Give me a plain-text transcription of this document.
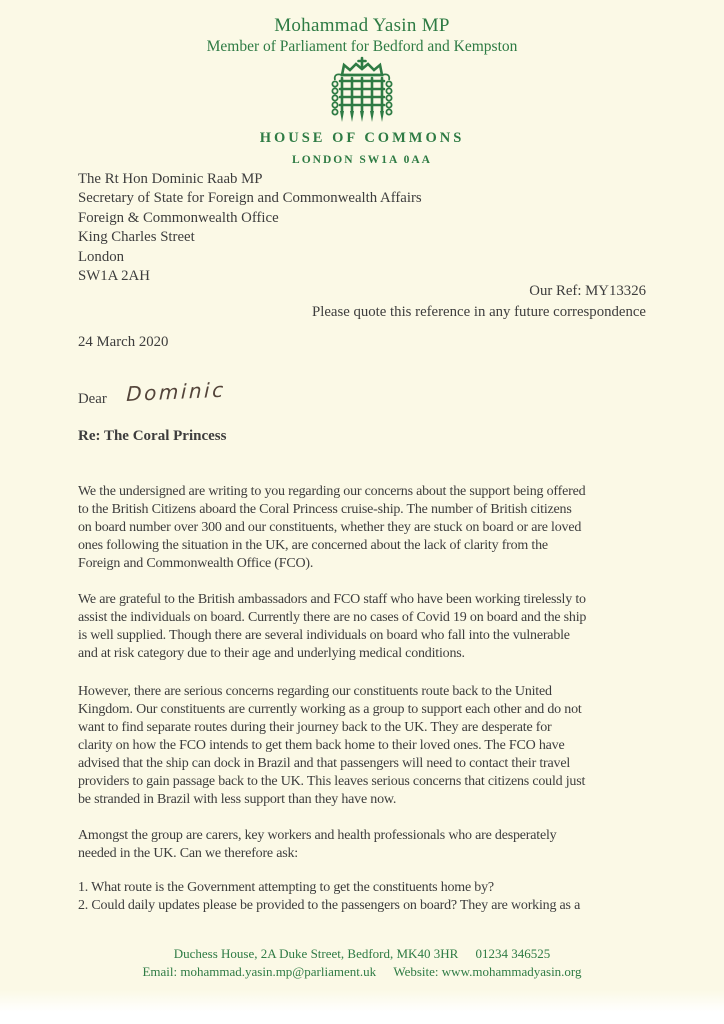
Mohammad Yasin MP
Member of Parliament for Bedford and Kempston
HOUSE OF COMMONS
LONDON SW1A 0AA
The Rt Hon Dominic Raab MP
Secretary of State for Foreign and Commonwealth Affairs
Foreign & Commonwealth Office
King Charles Street
London
SW1A 2AH
Our Ref: MY13326
Please quote this reference in any future correspondence
24 March 2020
Dear Dominic
Re: The Coral Princess
We the undersigned are writing to you regarding our concerns about the support being offered
to the British Citizens aboard the Coral Princess cruise-ship. The number of British citizens
on board number over 300 and our constituents, whether they are stuck on board or are loved
ones following the situation in the UK, are concerned about the lack of clarity from the
Foreign and Commonwealth Office (FCO).
We are grateful to the British ambassadors and FCO staff who have been working tirelessly to
assist the individuals on board. Currently there are no cases of Covid 19 on board and the ship
is well supplied. Though there are several individuals on board who fall into the vulnerable
and at risk category due to their age and underlying medical conditions.
However, there are serious concerns regarding our constituents route back to the United
Kingdom. Our constituents are currently working as a group to support each other and do not
want to find separate routes during their journey back to the UK. They are desperate for
clarity on how the FCO intends to get them back home to their loved ones. The FCO have
advised that the ship can dock in Brazil and that passengers will need to contact their travel
providers to gain passage back to the UK. This leaves serious concerns that citizens could just
be stranded in Brazil with less support than they have now.
Amongst the group are carers, key workers and health professionals who are desperately
needed in the UK. Can we therefore ask:
1. What route is the Government attempting to get the constituents home by?
2. Could daily updates please be provided to the passengers on board? They are working as a
Duchess House, 2A Duke Street, Bedford, MK40 3HR 01234 346525
Email: mohammad.yasin.mp@parliament.uk Website: www.mohammadyasin.org
